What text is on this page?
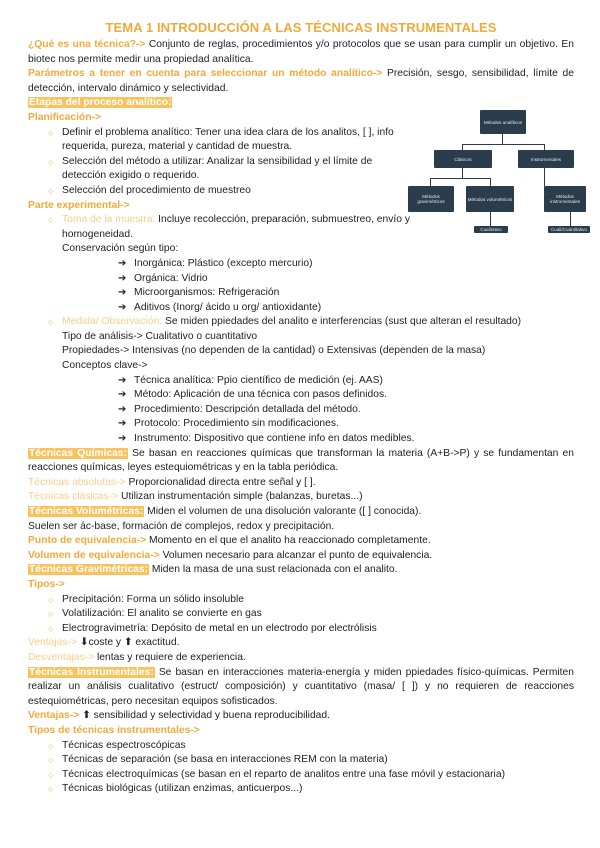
TEMA 1 INTRODUCCIÓN A LAS TÉCNICAS INSTRUMENTALES

¿Qué es una técnica?-> Conjunto de reglas, procedimientos y/o protocolos que se usan para cumplir un objetivo. En biotec nos permite medir una propiedad analítica.

Parámetros a tener en cuenta para seleccionar un método analítico-> Precisión, sesgo, sensibilidad, límite de detección, intervalo dinámico y selectividad.

Etapas del proceso analítico:

Planificación->

○ Definir el problema analítico: Tener una idea clara de los analitos, [ ], info requerida, pureza, material y cantidad de muestra.
○ Selección del método a utilizar: Analizar la sensibilidad y el límite de detección exigido o requerido.
○ Selección del procedimiento de muestreo

Parte experimental->

○ Toma de la muestra: Incluye recolección, preparación, submuestreo, envío y homogeneidad.

Conservación según tipo:

➔ Inorgánica: Plástico (excepto mercurio)
➔ Orgánica: Vidrio
➔ Microorganismos: Refrigeración
➔ Aditivos (Inorg/ ácido u org/ antioxidante)
○ Medida/ Observación: Se miden ppiedades del analito e interferencias (sust que alteran el resultado)

Tipo de análisis-> Cualitativo o cuantitativo

Propiedades-> Intensivas (no dependen de la cantidad) o Extensivas (dependen de la masa)

Conceptos clave->

➔ Técnica analítica: Ppio científico de medición (ej. AAS)
➔ Método: Aplicación de una técnica con pasos definidos.
➔ Procedimiento: Descripción detallada del método.
➔ Protocolo: Procedimiento sin modificaciones.
➔ Instrumento: Dispositivo que contiene info en datos medibles.

Técnicas Químicas: Se basan en reacciones químicas que transforman la materia (A+B->P) y se fundamentan en reacciones químicas, leyes estequiométricas y en la tabla periódica.

Técnicas absolutas-> Proporcionalidad directa entre señal y [ ].

Técnicas clásicas-> Utilizan instrumentación simple (balanzas, buretas...)

Técnicas Volumétricas: Miden el volumen de una disolución valorante ([ ] conocida).

Suelen ser ác-base, formación de complejos, redox y precipitación.

Punto de equivalencia-> Momento en el que el analito ha reaccionado completamente.

Volumen de equivalencia-> Volumen necesario para alcanzar el punto de equivalencia.

Técnicas Gravimétricas: Miden la masa de una sust relacionada con el analito.

Tipos->

○ Precipitación: Forma un sólido insoluble
○ Volatilización: El analito se convierte en gas
○ Electrogravimetría: Depósito de metal en un electrodo por electrólisis

Ventajas-> ⬇coste y ⬆ exactitud.

Desventajas-> lentas y requiere de experiencia.

Técnicas Instrumentales: Se basan en interacciones materia-energía y miden ppiedades físico-químicas. Permiten realizar un análisis cualitativo (estruct/ composición) y cuantitativo (masa/ [ ]) y no requieren de reacciones estequiométricas, pero necesitan equipos sofisticados.

Ventajas-> ⬆ sensibilidad y selectividad y buena reproducibilidad.

Tipos de técnicas instrumentales->

○ Técnicas espectroscópicas
○ Técnicas de separación (se basa en interacciones REM con la materia)
○ Técnicas electroquímicas (se basan en el reparto de analitos entre una fase móvil y estacionaria)
○ Técnicas biológicas (utilizan enzimas, anticuerpos...)
Métodos analíticos
Clásicos	Instrumentales
Métodos gravimétricos	Métodos volumétricos	Métodos instrumentales
Cualitativo	Cuali/Cuantitativo
